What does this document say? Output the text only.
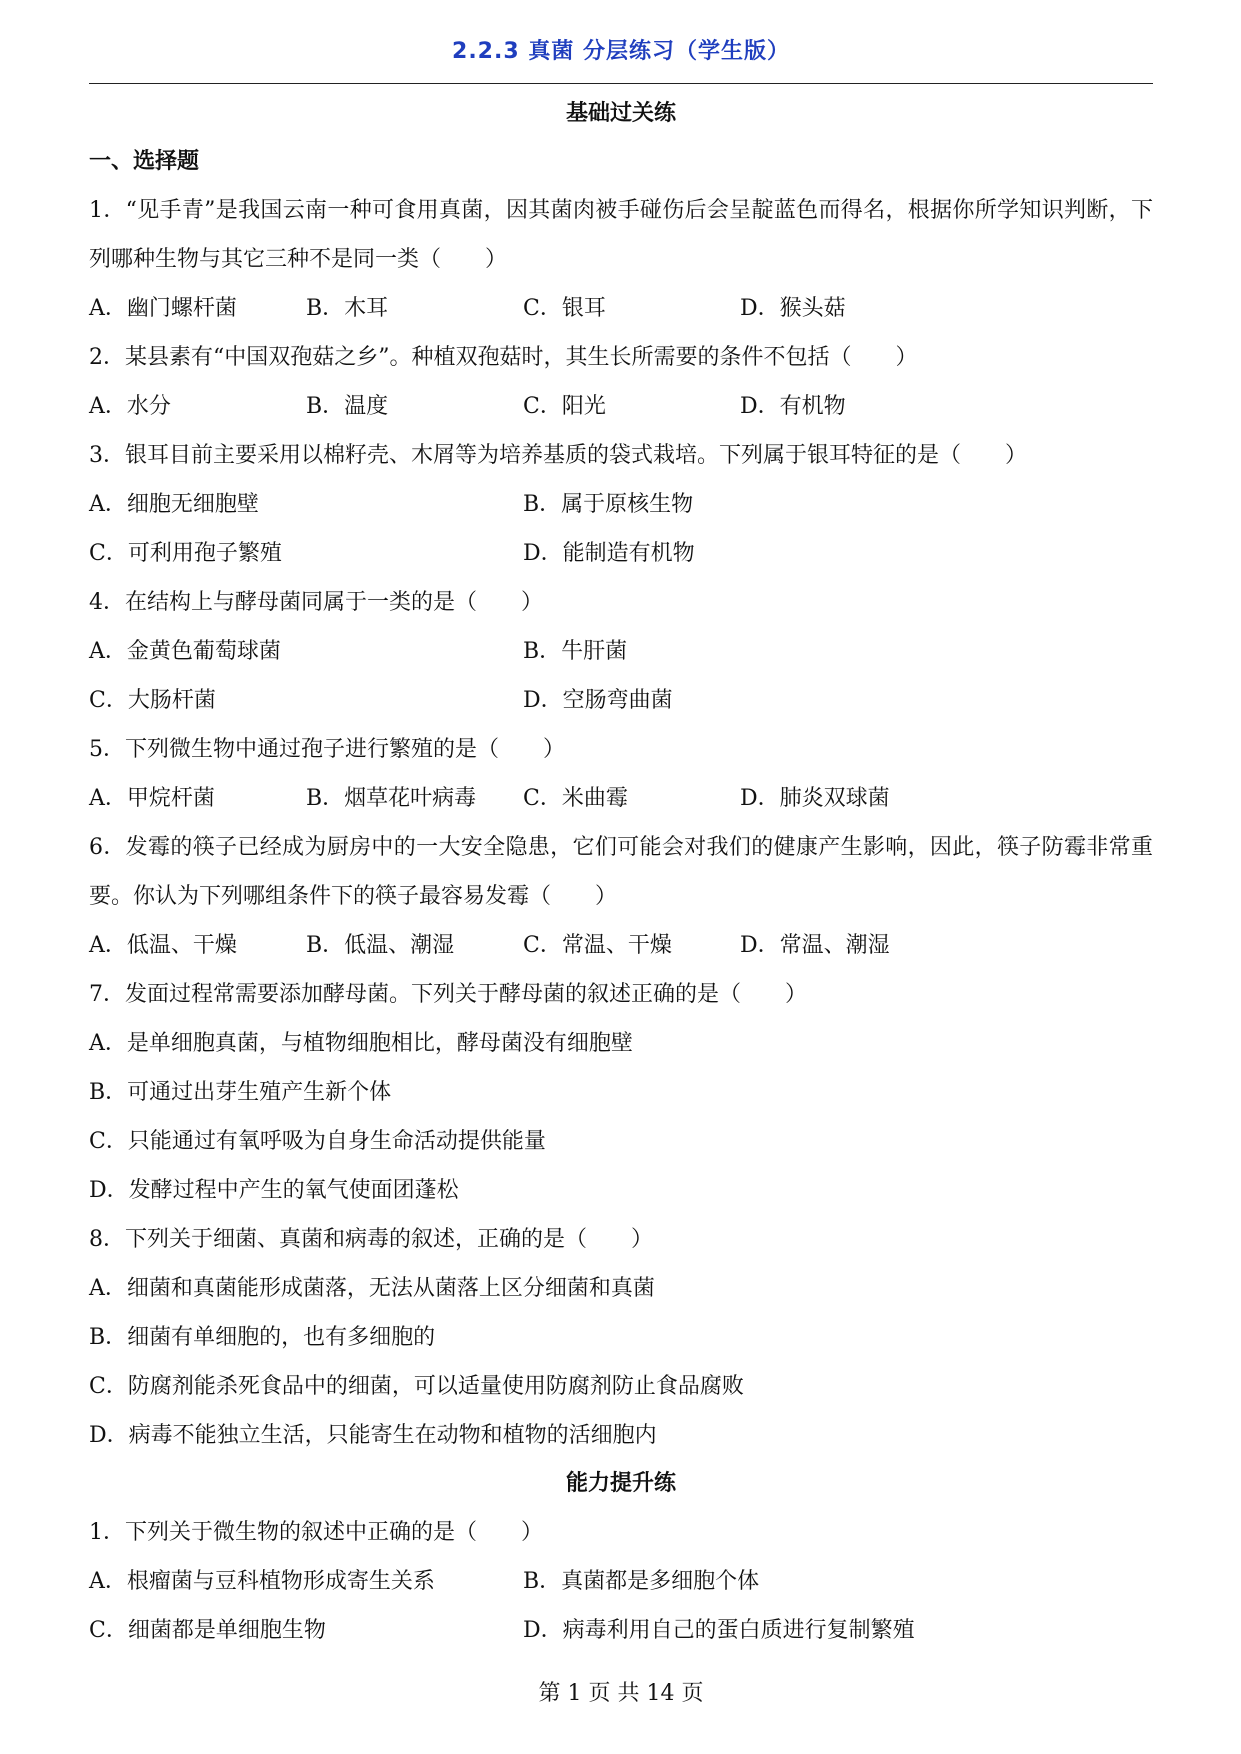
2.2.3 真菌 分层练习（学生版）
基础过关练
一、选择题
1．“见手青”是我国云南一种可食用真菌，因其菌肉被手碰伤后会呈靛蓝色而得名，根据你所学知识判断，下列哪种生物与其它三种不是同一类（　　）
A．幽门螺杆菌	B．木耳	C．银耳	D．猴头菇
2．某县素有“中国双孢菇之乡”。种植双孢菇时，其生长所需要的条件不包括（　　）
A．水分	B．温度	C．阳光	D．有机物
3．银耳目前主要采用以棉籽壳、木屑等为培养基质的袋式栽培。下列属于银耳特征的是（　　）
A．细胞无细胞壁	B．属于原核生物
C．可利用孢子繁殖	D．能制造有机物
4．在结构上与酵母菌同属于一类的是（　　）
A．金黄色葡萄球菌	B．牛肝菌
C．大肠杆菌	D．空肠弯曲菌
5．下列微生物中通过孢子进行繁殖的是（　　）
A．甲烷杆菌	B．烟草花叶病毒	C．米曲霉	D．肺炎双球菌
6．发霉的筷子已经成为厨房中的一大安全隐患，它们可能会对我们的健康产生影响，因此，筷子防霉非常重要。你认为下列哪组条件下的筷子最容易发霉（　　）
A．低温、干燥	B．低温、潮湿	C．常温、干燥	D．常温、潮湿
7．发面过程常需要添加酵母菌。下列关于酵母菌的叙述正确的是（　　）
A．是单细胞真菌，与植物细胞相比，酵母菌没有细胞壁
B．可通过出芽生殖产生新个体
C．只能通过有氧呼吸为自身生命活动提供能量
D．发酵过程中产生的氧气使面团蓬松
8．下列关于细菌、真菌和病毒的叙述，正确的是（　　）
A．细菌和真菌能形成菌落，无法从菌落上区分细菌和真菌
B．细菌有单细胞的，也有多细胞的
C．防腐剂能杀死食品中的细菌，可以适量使用防腐剂防止食品腐败
D．病毒不能独立生活，只能寄生在动物和植物的活细胞内
能力提升练
1．下列关于微生物的叙述中正确的是（　　）
A．根瘤菌与豆科植物形成寄生关系	B．真菌都是多细胞个体
C．细菌都是单细胞生物	D．病毒利用自己的蛋白质进行复制繁殖
第 1 页 共 14 页
